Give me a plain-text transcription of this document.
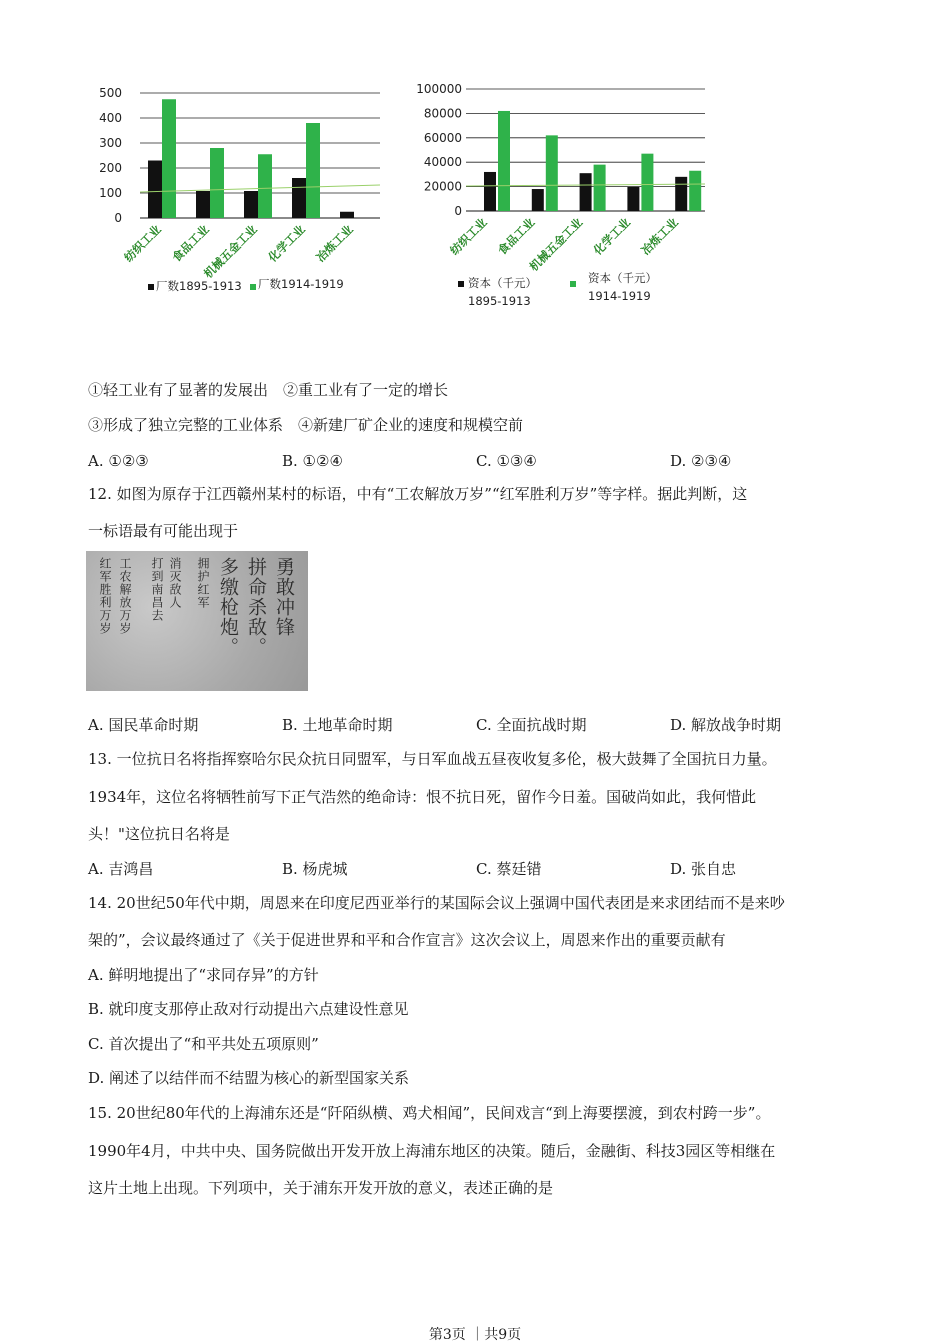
500
400
300
200
100
0
纺织工业 食品工业
机械五金工业 化学工业 冶炼工业
厂数1895-1913 厂数1914-1919
100000
80000
60000
40000
20000
0
纺织工业 食品工业
机械五金工业 化学工业 冶炼工业
资本（千元）
1895-1913
资本（千元）
1914-1919
①轻工业有了显著的发展出　②重工业有了一定的增长
③形成了独立完整的工业体系　④新建厂矿企业的速度和规模空前
A. ①②③	B. ①②④	C. ①③④	D. ②③④
12. 如图为原存于江西赣州某村的标语，中有“工农解放万岁”“红军胜利万岁”等字样。据此判断，这
一标语最有可能出现于
勇敢冲锋
拼命杀敌。
多缴枪炮。
拥护红军
消灭敌人
打到南昌去
工农解放万岁
红军胜利万岁
A. 国民革命时期	B. 土地革命时期	C. 全面抗战时期	D. 解放战争时期
13. 一位抗日名将指挥察哈尔民众抗日同盟军，与日军血战五昼夜收复多伦，极大鼓舞了全国抗日力量。
1934年，这位名将牺牲前写下正气浩然的绝命诗：恨不抗日死，留作今日羞。国破尚如此，我何惜此
头！"这位抗日名将是
A. 吉鸿昌	B. 杨虎城	C. 蔡廷错	D. 张自忠
14. 20世纪50年代中期，周恩来在印度尼西亚举行的某国际会议上强调中国代表团是来求团结而不是来吵
架的”，会议最终通过了《关于促进世界和平和合作宣言》这次会议上，周恩来作出的重要贡献有
A. 鲜明地提出了“求同存异”的方针
B. 就印度支那停止敌对行动提出六点建设性意见
C. 首次提出了“和平共处五项原则”
D. 阐述了以结伴而不结盟为核心的新型国家关系
15. 20世纪80年代的上海浦东还是“阡陌纵横、鸡犬相闻”，民间戏言“到上海要摆渡，到农村跨一步”。
1990年4月，中共中央、国务院做出开发开放上海浦东地区的决策。随后，金融街、科技3园区等相继在
这片土地上出现。下列项中，关于浦东开发开放的意义，表述正确的是
第3页 ｜共9页
